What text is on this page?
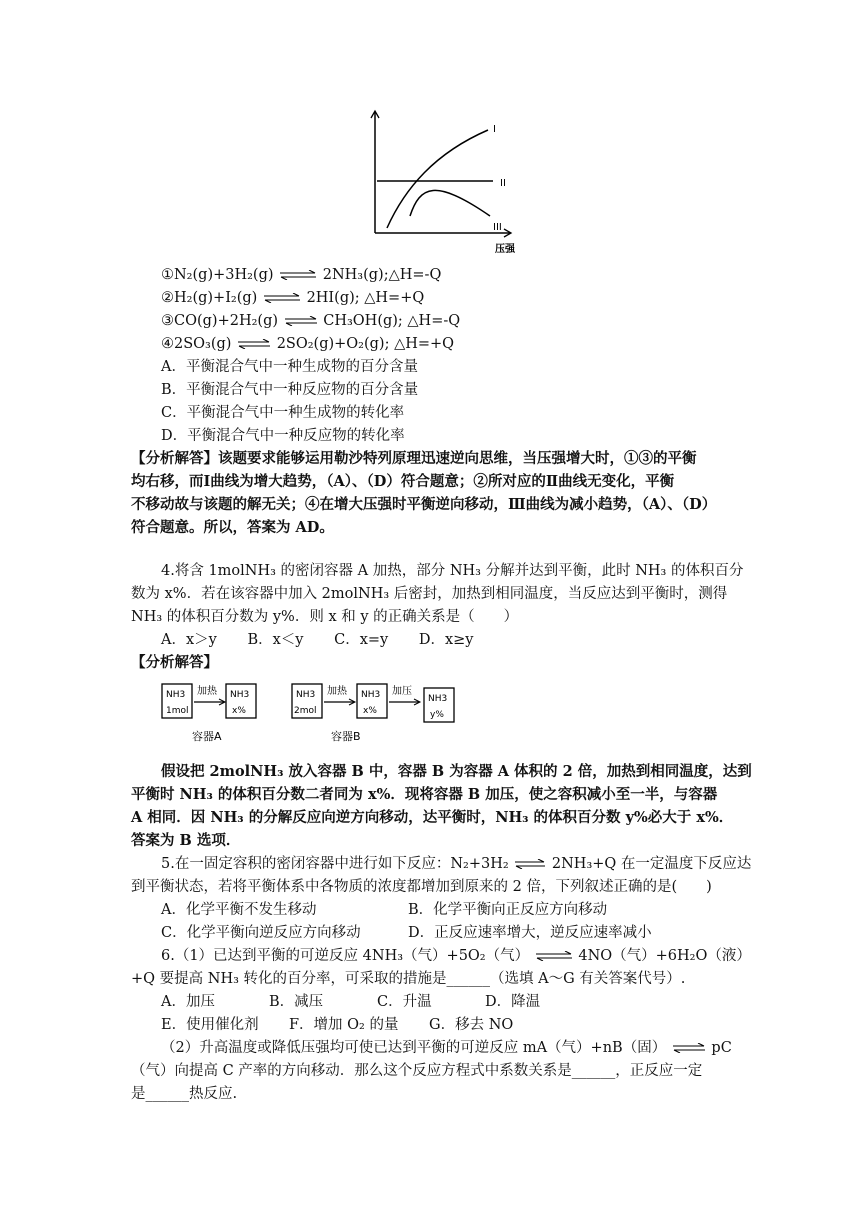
I
II
III
压强
①N₂(g)+3H₂(g) ⇌ 2NH₃(g);△H=-Q
②H₂(g)+I₂(g) ⇌ 2HI(g); △H=+Q
③CO(g)+2H₂(g) ⇌ CH₃OH(g); △H=-Q
④2SO₃(g) ⇌ 2SO₂(g)+O₂(g); △H=+Q
A．平衡混合气中一种生成物的百分含量
B．平衡混合气中一种反应物的百分含量
C．平衡混合气中一种生成物的转化率
D．平衡混合气中一种反应物的转化率
【分析解答】该题要求能够运用勒沙特列原理迅速逆向思维，当压强增大时，①③的平衡
均右移，而Ⅰ曲线为增大趋势，（A）、（D）符合题意；②所对应的Ⅱ曲线无变化，平衡
不移动故与该题的解无关；④在增大压强时平衡逆向移动，Ⅲ曲线为减小趋势，（A）、（D）
符合题意。所以，答案为 AD。
4.将含 1molNH₃ 的密闭容器 A 加热，部分 NH₃ 分解并达到平衡，此时 NH₃ 的体积百分
数为 x%．若在该容器中加入 2molNH₃ 后密封，加热到相同温度，当反应达到平衡时，测得
NH₃ 的体积百分数为 y%．则 x 和 y 的正确关系是（　　）
A．x＞y B．x＜y C．x=y D．x≥y
【分析解答】
NH3
1mol
加热 NH3
x%
容器A
NH3
2mol
加热 NH3
x%
加压
NH3
y%
容器B
假设把 2molNH₃ 放入容器 B 中，容器 B 为容器 A 体积的 2 倍，加热到相同温度，达到
平衡时 NH₃ 的体积百分数二者同为 x%．现将容器 B 加压，使之容积减小至一半，与容器
A 相同．因 NH₃ 的分解反应向逆方向移动，达平衡时，NH₃ 的体积百分数 y%必大于 x%．
答案为 B 选项．
5.在一固定容积的密闭容器中进行如下反应：N₂+3H₂ ⇌ 2NH₃+Q 在一定温度下反应达
到平衡状态，若将平衡体系中各物质的浓度都增加到原来的 2 倍，下列叙述正确的是(　　)
A．化学平衡不发生移动	B．化学平衡向正反应方向移动
C．化学平衡向逆反应方向移动	D．正反应速率增大，逆反应速率减小
6.（1）已达到平衡的可逆反应 4NH₃（气）+5O₂（气） ⇌ 4NO（气）+6H₂O（液）
+Q 要提高 NH₃ 转化的百分率，可采取的措施是______（选填 A～G 有关答案代号）.
A．加压	B．减压	C．升温	D．降温
E．使用催化剂 F．增加 O₂ 的量 G．移去 NO
（2）升高温度或降低压强均可使已达到平衡的可逆反应 mA（气）+nB（固） ⇌ pC
（气）向提高 C 产率的方向移动．那么这个反应方程式中系数关系是______，正反应一定
是______热反应.
